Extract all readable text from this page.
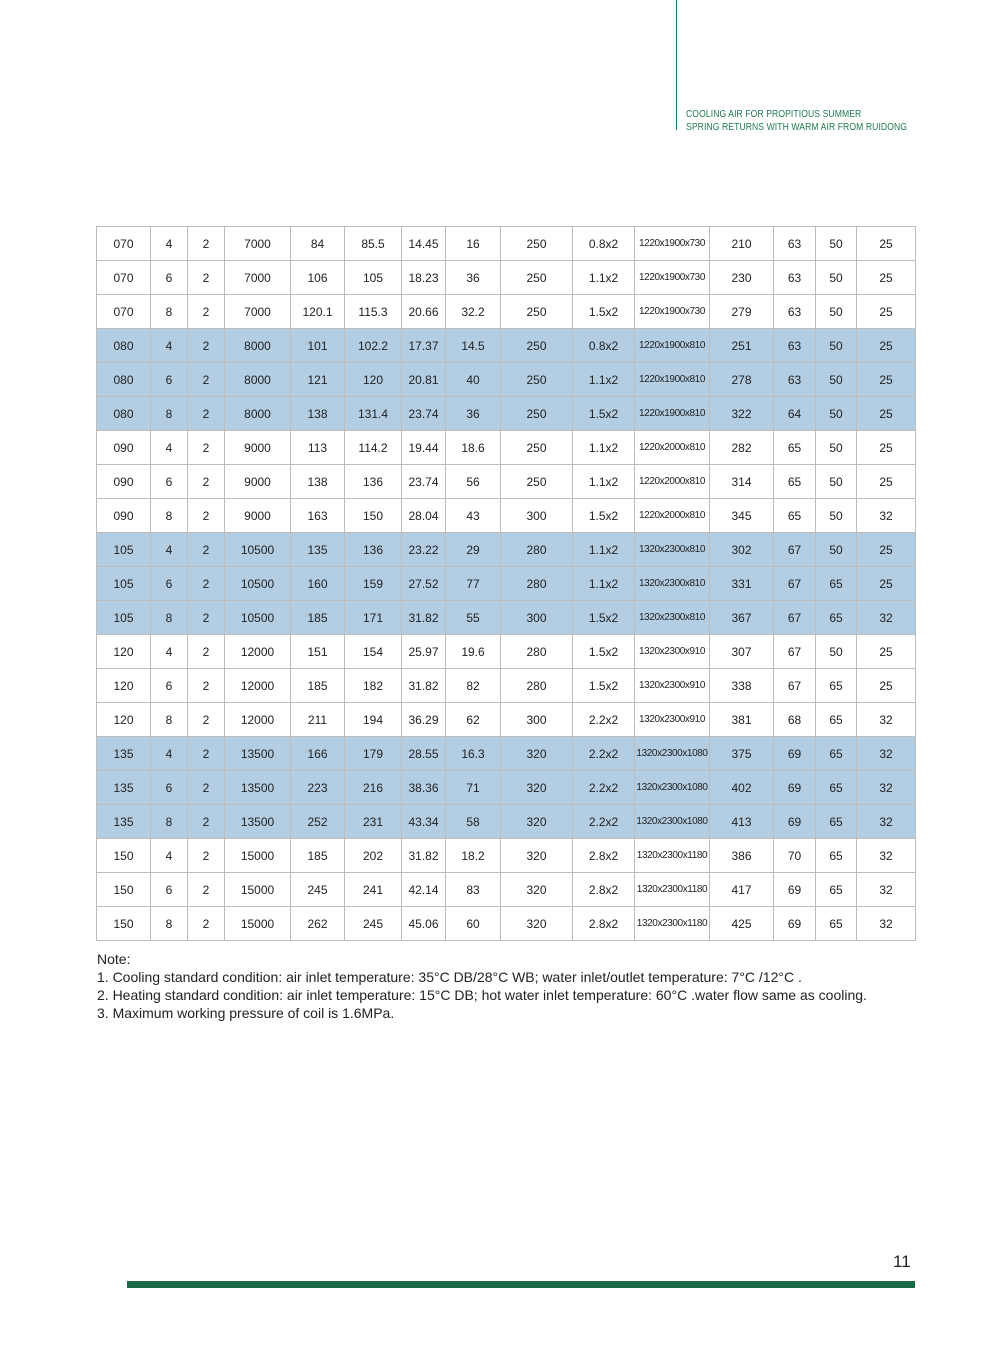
COOLING AIR FOR PROPITIOUS SUMMER
SPRING RETURNS WITH WARM AIR FROM RUIDONG
070	4	2	7000	84	85.5	14.45	16	250	0.8x2	1220x1900x730	210	63	50	25
070	6	2	7000	106	105	18.23	36	250	1.1x2	1220x1900x730	230	63	50	25
070	8	2	7000	120.1	115.3	20.66	32.2	250	1.5x2	1220x1900x730	279	63	50	25
080	4	2	8000	101	102.2	17.37	14.5	250	0.8x2	1220x1900x810	251	63	50	25
080	6	2	8000	121	120	20.81	40	250	1.1x2	1220x1900x810	278	63	50	25
080	8	2	8000	138	131.4	23.74	36	250	1.5x2	1220x1900x810	322	64	50	25
090	4	2	9000	113	114.2	19.44	18.6	250	1.1x2	1220x2000x810	282	65	50	25
090	6	2	9000	138	136	23.74	56	250	1.1x2	1220x2000x810	314	65	50	25
090	8	2	9000	163	150	28.04	43	300	1.5x2	1220x2000x810	345	65	50	32
105	4	2	10500	135	136	23.22	29	280	1.1x2	1320x2300x810	302	67	50	25
105	6	2	10500	160	159	27.52	77	280	1.1x2	1320x2300x810	331	67	65	25
105	8	2	10500	185	171	31.82	55	300	1.5x2	1320x2300x810	367	67	65	32
120	4	2	12000	151	154	25.97	19.6	280	1.5x2	1320x2300x910	307	67	50	25
120	6	2	12000	185	182	31.82	82	280	1.5x2	1320x2300x910	338	67	65	25
120	8	2	12000	211	194	36.29	62	300	2.2x2	1320x2300x910	381	68	65	32
135	4	2	13500	166	179	28.55	16.3	320	2.2x2	1320x2300x1080	375	69	65	32
135	6	2	13500	223	216	38.36	71	320	2.2x2	1320x2300x1080	402	69	65	32
135	8	2	13500	252	231	43.34	58	320	2.2x2	1320x2300x1080	413	69	65	32
150	4	2	15000	185	202	31.82	18.2	320	2.8x2	1320x2300x1180	386	70	65	32
150	6	2	15000	245	241	42.14	83	320	2.8x2	1320x2300x1180	417	69	65	32
150	8	2	15000	262	245	45.06	60	320	2.8x2	1320x2300x1180	425	69	65	32
Note:
1. Cooling standard condition: air inlet temperature: 35°C DB/28°C WB; water inlet/outlet temperature: 7°C /12°C .
2. Heating standard condition: air inlet temperature: 15°C DB; hot water inlet temperature: 60°C .water flow same as cooling.
3. Maximum working pressure of coil is 1.6MPa.
11
